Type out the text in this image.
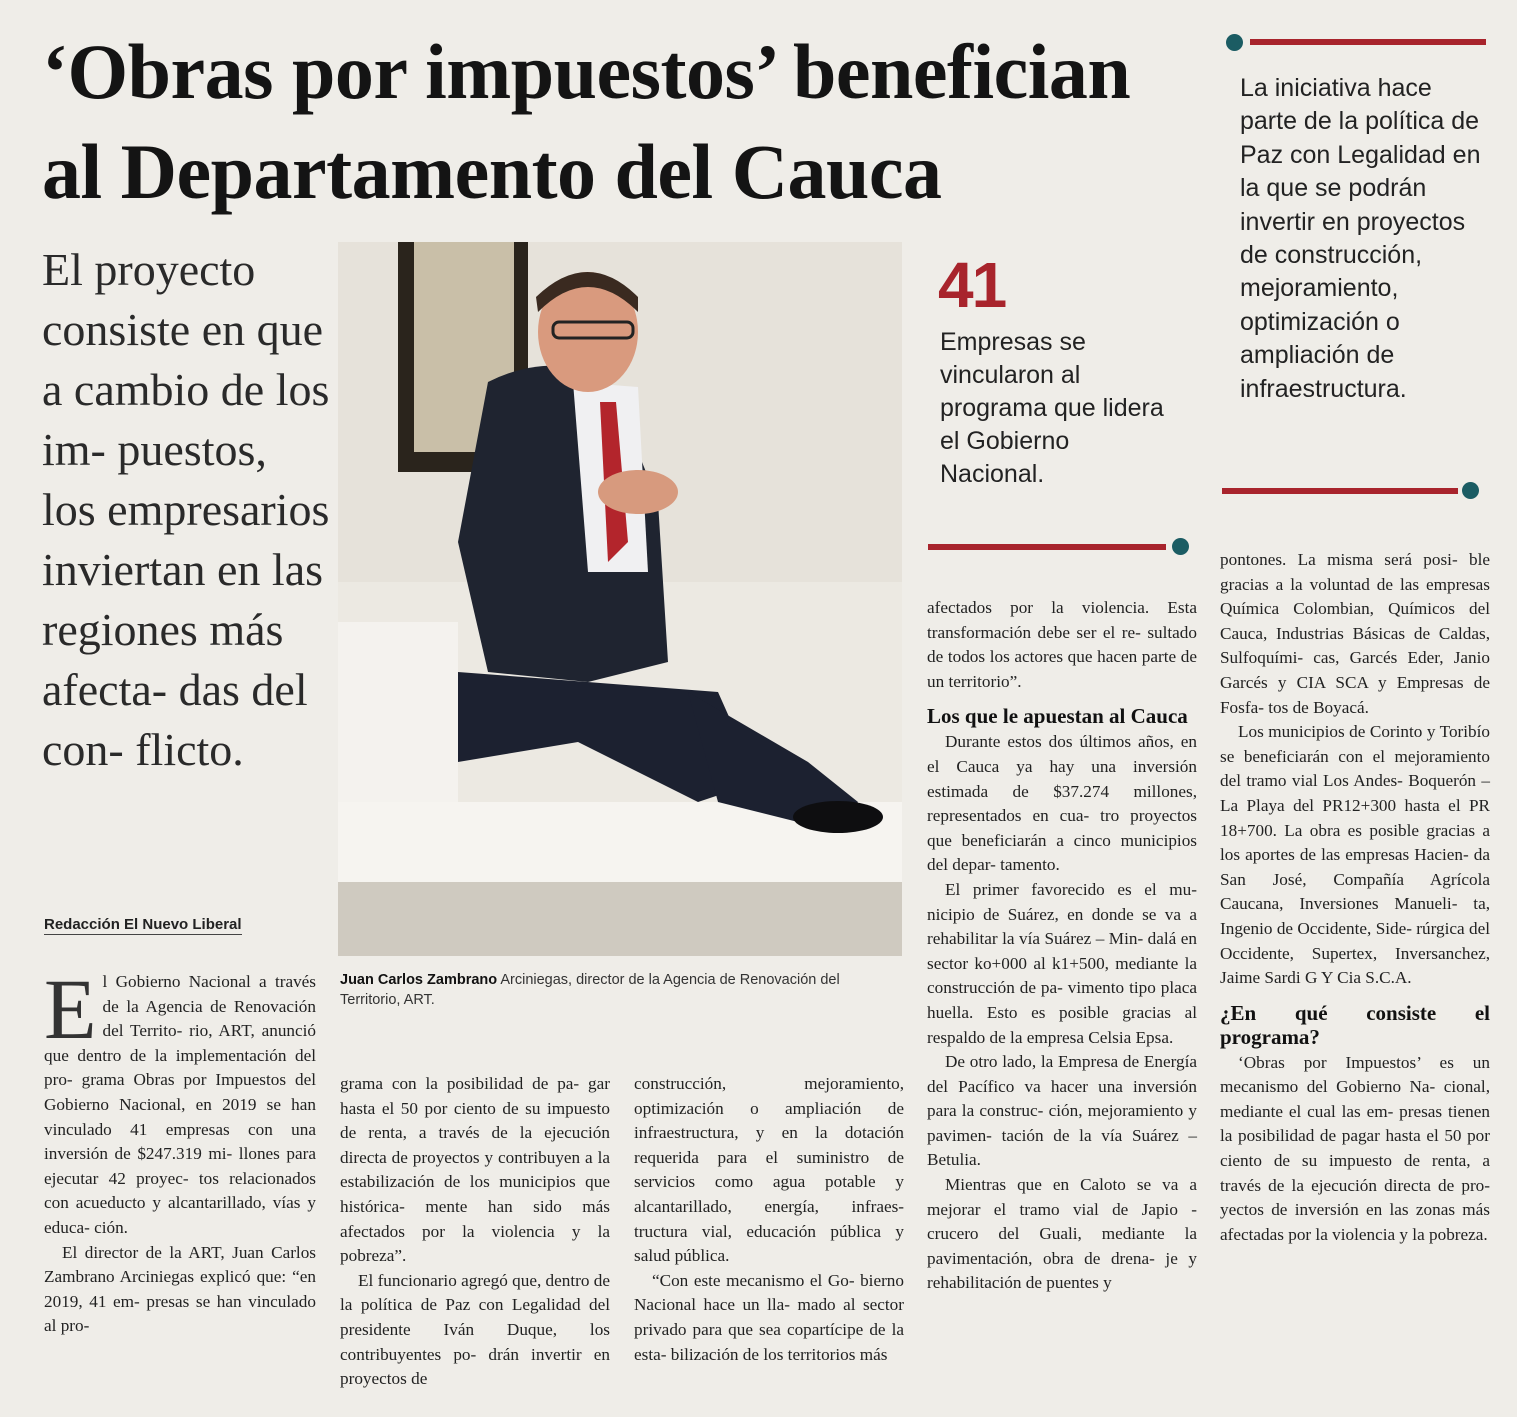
‘Obras por impuestos’ benefician
al Departamento del Cauca
El proyecto consiste en que a cambio de los im- puestos, los empresarios inviertan en las regiones más afecta- das del con- flicto.
Redacción El Nuevo Liberal
Juan Carlos Zambrano Arciniegas, director de la Agencia de Renovación del Territorio, ART.
41
Empresas se vincularon al programa que lidera el Gobierno Nacional.
La iniciativa hace parte de la política de Paz con Legalidad en la que se podrán invertir en proyectos de construcción, mejoramiento, optimización o ampliación de infraestructura.

El Gobierno Nacional a través de la Agencia de Renovación del Territo- rio, ART, anunció que dentro de la implementación del pro- grama Obras por Impuestos del Gobierno Nacional, en 2019 se han vinculado 41 empresas con una inversión de $247.319 mi- llones para ejecutar 42 proyec- tos relacionados con acueducto y alcantarillado, vías y educa- ción.

El director de la ART, Juan Carlos Zambrano Arciniegas explicó que: “en 2019, 41 em- presas se han vinculado al pro-

grama con la posibilidad de pa- gar hasta el 50 por ciento de su impuesto de renta, a través de la ejecución directa de proyectos y contribuyen a la estabilización de los municipios que histórica- mente han sido más afectados por la violencia y la pobreza”.

El funcionario agregó que, dentro de la política de Paz con Legalidad del presidente Iván Duque, los contribuyentes po- drán invertir en proyectos de

construcción, mejoramiento, optimización o ampliación de infraestructura, y en la dotación requerida para el suministro de servicios como agua potable y alcantarillado, energía, infraes- tructura vial, educación pública y salud pública.

“Con este mecanismo el Go- bierno Nacional hace un lla- mado al sector privado para que sea copartícipe de la esta- bilización de los territorios más

afectados por la violencia. Esta transformación debe ser el re- sultado de todos los actores que hacen parte de un territorio”.

Los que le apuestan al Cauca

Durante estos dos últimos años, en el Cauca ya hay una inversión estimada de $37.274 millones, representados en cua- tro proyectos que beneficiarán a cinco municipios del depar- tamento.

El primer favorecido es el mu- nicipio de Suárez, en donde se va a rehabilitar la vía Suárez – Min- dalá en sector ko+000 al k1+500, mediante la construcción de pa- vimento tipo placa huella. Esto es posible gracias al respaldo de la empresa Celsia Epsa.

De otro lado, la Empresa de Energía del Pacífico va hacer una inversión para la construc- ción, mejoramiento y pavimen- tación de la vía Suárez – Betulia.

Mientras que en Caloto se va a mejorar el tramo vial de Japio - crucero del Guali, mediante la pavimentación, obra de drena- je y rehabilitación de puentes y

pontones. La misma será posi- ble gracias a la voluntad de las empresas Química Colombian, Químicos del Cauca, Industrias Básicas de Caldas, Sulfoquími- cas, Garcés Eder, Janio Garcés y CIA SCA y Empresas de Fosfa- tos de Boyacá.

Los municipios de Corinto y Toribío se beneficiarán con el mejoramiento del tramo vial Los Andes- Boquerón – La Playa del PR12+300 hasta el PR 18+700. La obra es posible gracias a los aportes de las empresas Hacien- da San José, Compañía Agrícola Caucana, Inversiones Manueli- ta, Ingenio de Occidente, Side- rúrgica del Occidente, Supertex, Inversanchez, Jaime Sardi G Y Cia S.C.A.

¿En qué consiste el programa?

‘Obras por Impuestos’ es un mecanismo del Gobierno Na- cional, mediante el cual las em- presas tienen la posibilidad de pagar hasta el 50 por ciento de su impuesto de renta, a través de la ejecución directa de pro- yectos de inversión en las zonas más afectadas por la violencia y la pobreza.
